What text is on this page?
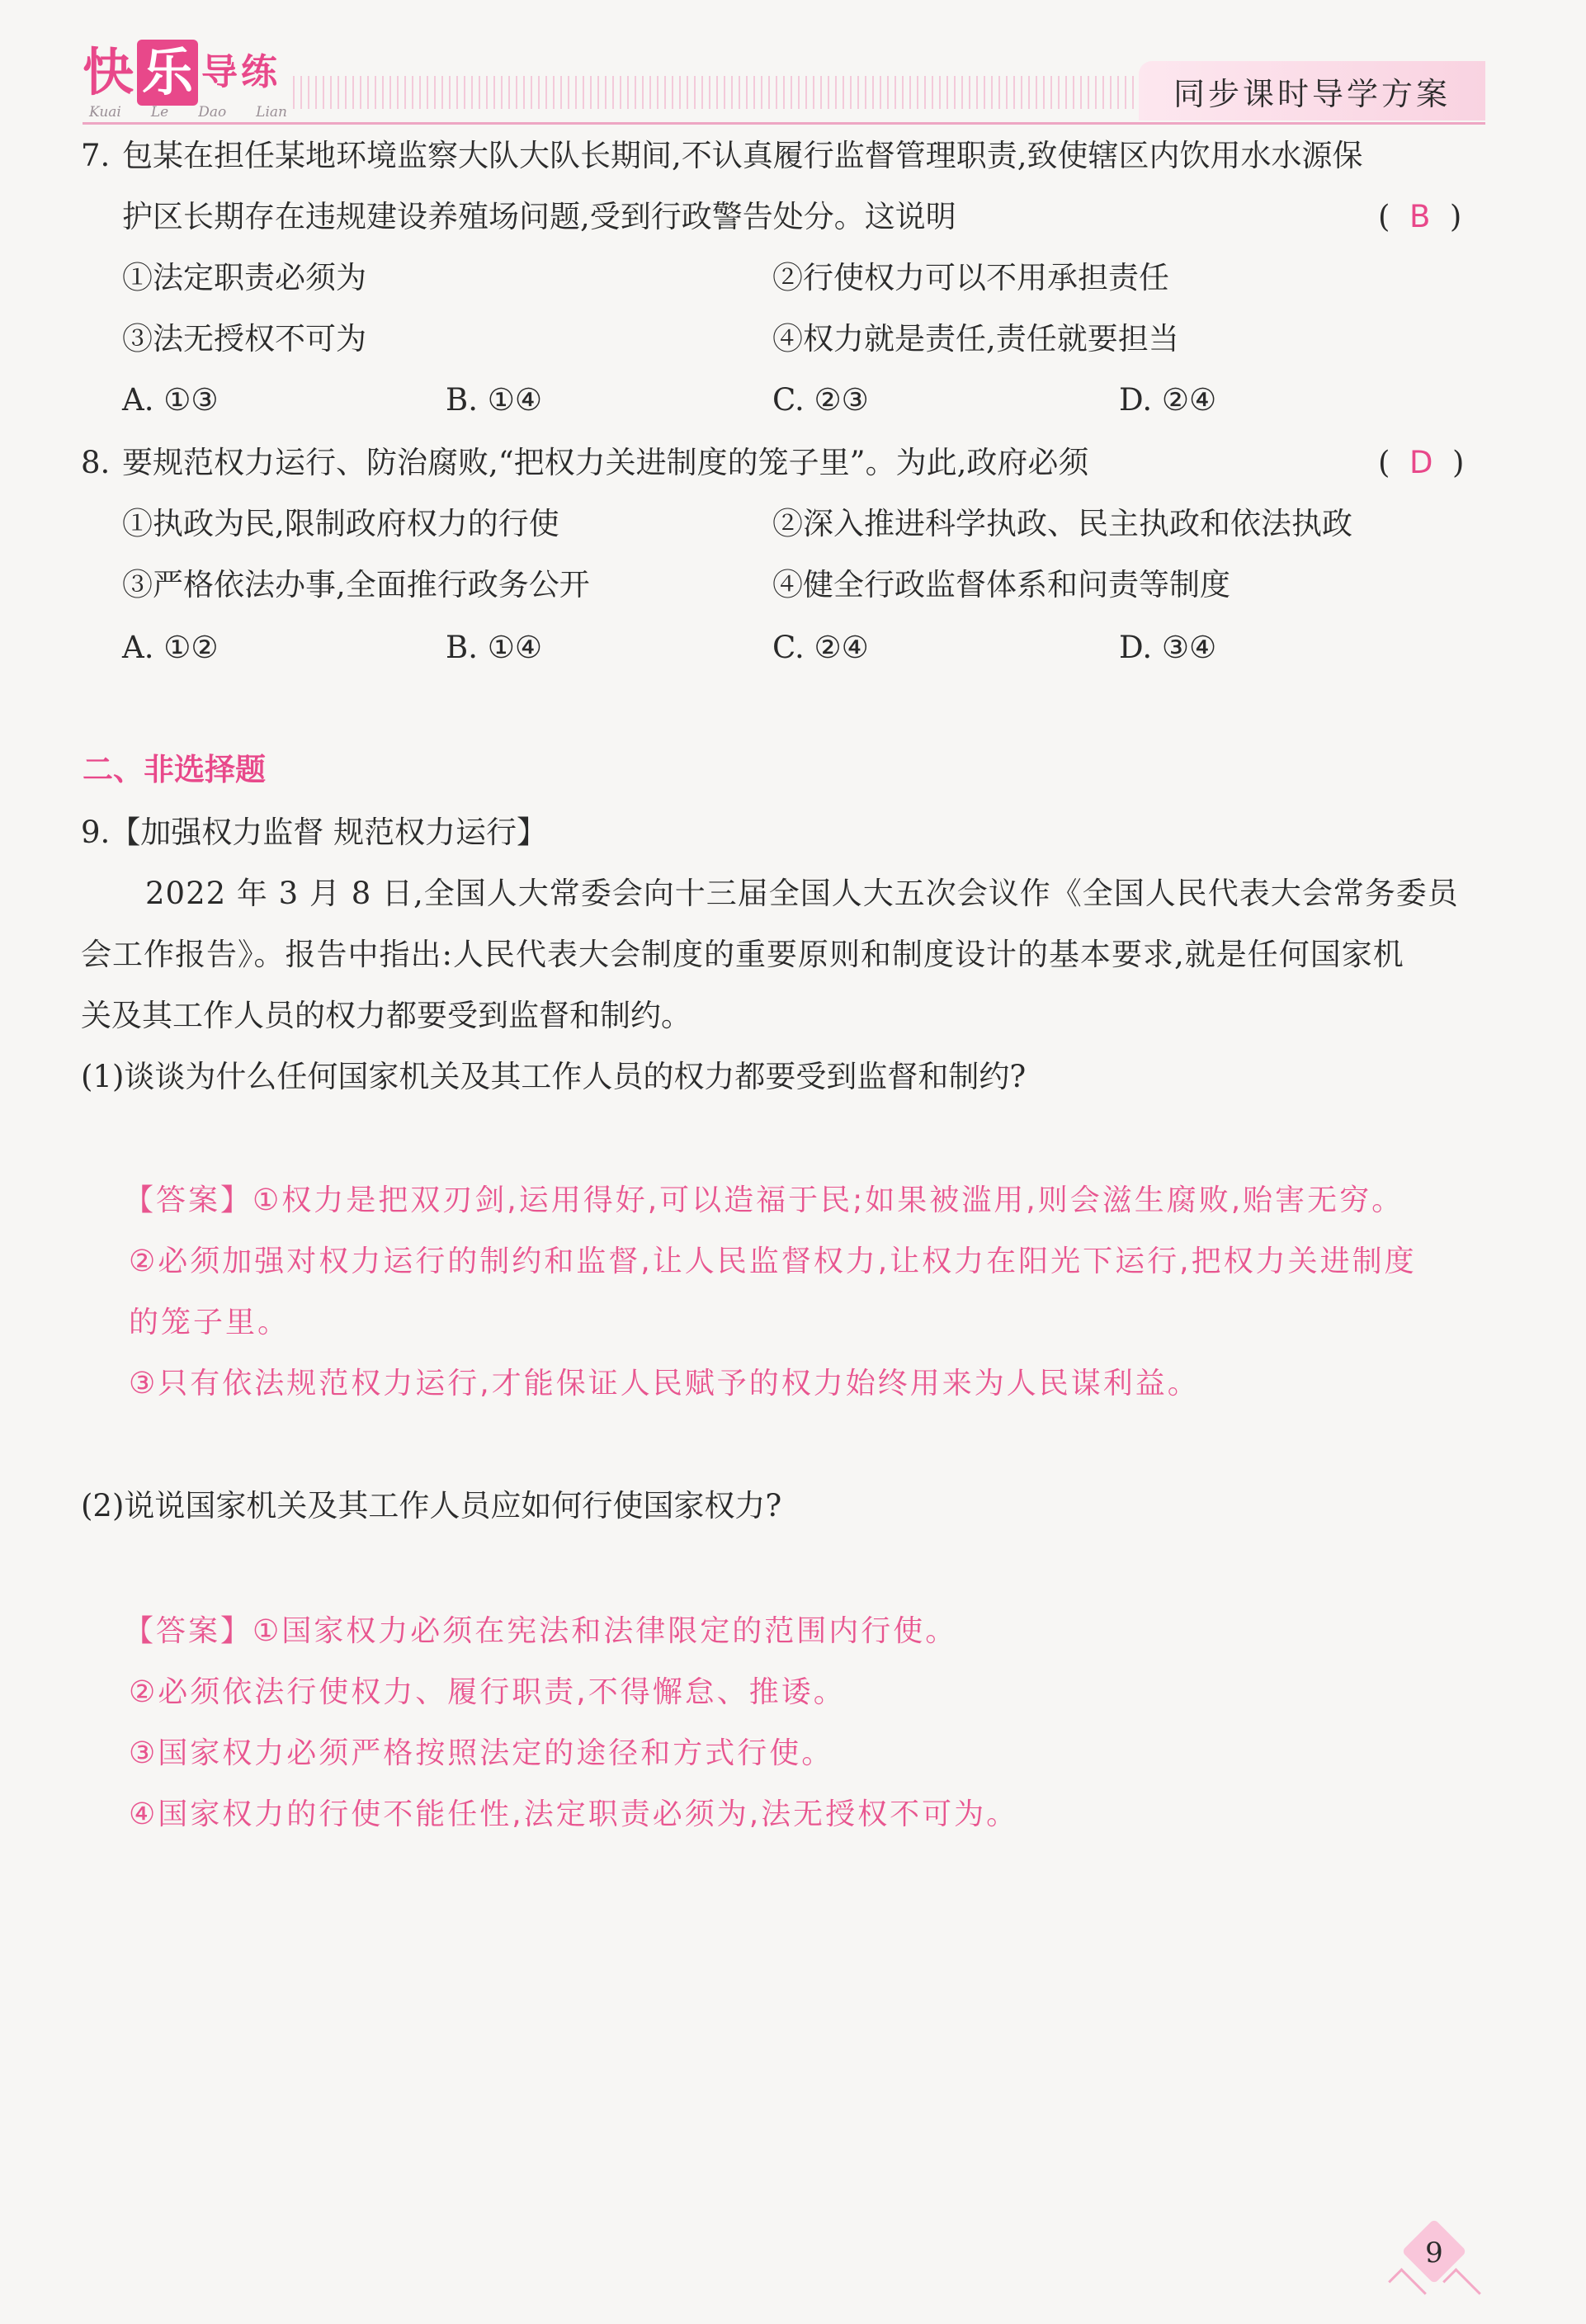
快 乐 导 练
Kuai Le Dao Lian
同步课时导学方案
7. 包某在担任某地环境监察大队大队长期间,不认真履行监督管理职责,致使辖区内饮用水水源保
护区长期存在违规建设养殖场问题,受到行政警告处分。这说明	(  B  )
①法定职责必须为	②行使权力可以不用承担责任
③法无授权不可为	④权力就是责任,责任就要担当
A. ①③	B. ①④	C. ②③	D. ②④
8. 要规范权力运行、防治腐败,“把权力关进制度的笼子里”。为此,政府必须	(  D  )
①执政为民,限制政府权力的行使	②深入推进科学执政、民主执政和依法执政
③严格依法办事,全面推行政务公开	④健全行政监督体系和问责等制度
A. ①②	B. ①④	C. ②④	D. ③④
二、非选择题
9.【加强权力监督 规范权力运行】
2022 年 3 月 8 日,全国人大常委会向十三届全国人大五次会议作《全国人民代表大会常务委员
会工作报告》。报告中指出:人民代表大会制度的重要原则和制度设计的基本要求,就是任何国家机
关及其工作人员的权力都要受到监督和制约。
(1)谈谈为什么任何国家机关及其工作人员的权力都要受到监督和制约?
【答案】①权力是把双刃剑,运用得好,可以造福于民;如果被滥用,则会滋生腐败,贻害无穷。
②必须加强对权力运行的制约和监督,让人民监督权力,让权力在阳光下运行,把权力关进制度
的笼子里。
③只有依法规范权力运行,才能保证人民赋予的权力始终用来为人民谋利益。
(2)说说国家机关及其工作人员应如何行使国家权力?
【答案】①国家权力必须在宪法和法律限定的范围内行使。
②必须依法行使权力、履行职责,不得懈怠、推诿。
③国家权力必须严格按照法定的途径和方式行使。
④国家权力的行使不能任性,法定职责必须为,法无授权不可为。
9
